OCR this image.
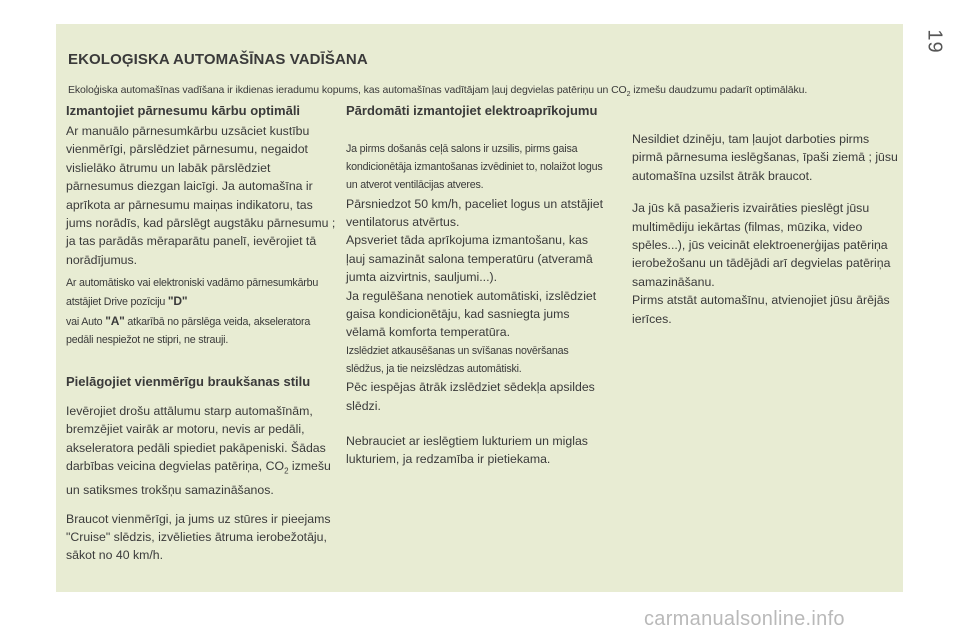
19
EKOLOĢISKA AUTOMAŠĪNAS VADĪŠANA
Ekoloģiska automašīnas vadīšana ir ikdienas ieradumu kopums, kas automašīnas vadītājam ļauj degvielas patēriņu un $CO_2$ izmešu daudzumu padarīt optimālāku.
Izmantojiet pārnesumu kārbu optimāli

Ar manuālo pārnesumkārbu uzsāciet kustību vienmērīgi, pārslēdziet pārnesumu, negaidot vislielāko ātrumu un labāk pārslēdziet pārnesumus diezgan laicīgi. Ja automašīna ir aprīkota ar pārnesumu maiņas indikatoru, tas jums norādīs, kad pārslēgt augstāku pārnesumu ; ja tas parādās mēraparātu panelī, ievērojiet tā norādījumus.

Ar automātisko vai elektroniski vadāmo pārnesumkārbu atstājiet Drive pozīciju "D"
vai Auto "A" atkarībā no pārslēga veida, akseleratora pedāli nespiežot ne stipri, ne strauji.

Pielāgojiet vienmērīgu braukšanas stilu

Ievērojiet drošu attālumu starp automašīnām, bremzējiet vairāk ar motoru, nevis ar pedāli, akseleratora pedāli spiediet pakāpeniski. Šādas darbības veicina degvielas patēriņa, $CO_2$ izmešu un satiksmes trokšņu samazināšanos.

Braucot vienmērīgi, ja jums uz stūres ir pieejams "Cruise" slēdzis, izvēlieties ātruma ierobežotāju, sākot no 40 km/h.

Pārdomāti izmantojiet elektroaprīkojumu

Ja pirms došanās ceļā salons ir uzsilis, pirms gaisa kondicionētāja izmantošanas izvēdiniet to, nolaižot logus un atverot ventilācijas atveres.

Pārsniedzot 50 km/h, paceliet logus un atstājiet ventilatorus atvērtus.

Apsveriet tāda aprīkojuma izmantošanu, kas ļauj samazināt salona temperatūru (atveramā jumta aizvirtnis, sauljumi...).

Ja regulēšana nenotiek automātiski, izslēdziet gaisa kondicionētāju, kad sasniegta jums vēlamā komforta temperatūra.

Izslēdziet atkausēšanas un svīšanas novēršanas slēdžus, ja tie neizslēdzas automātiski.

Pēc iespējas ātrāk izslēdziet sēdekļa apsildes slēdzi.

Nebrauciet ar ieslēgtiem lukturiem un miglas lukturiem, ja redzamība ir pietiekama.

Nesildiet dzinēju, tam ļaujot darboties pirms pirmā pārnesuma ieslēgšanas, īpaši ziemā ; jūsu automašīna uzsilst ātrāk braucot.

Ja jūs kā pasažieris izvairāties pieslēgt jūsu multimēdiju iekārtas (filmas, mūzika, video spēles...), jūs veicināt elektroenerģijas patēriņa ierobežošanu un tādējādi arī degvielas patēriņa samazināšanu.

Pirms atstāt automašīnu, atvienojiet jūsu ārējās ierīces.

carmanualsonline.info
